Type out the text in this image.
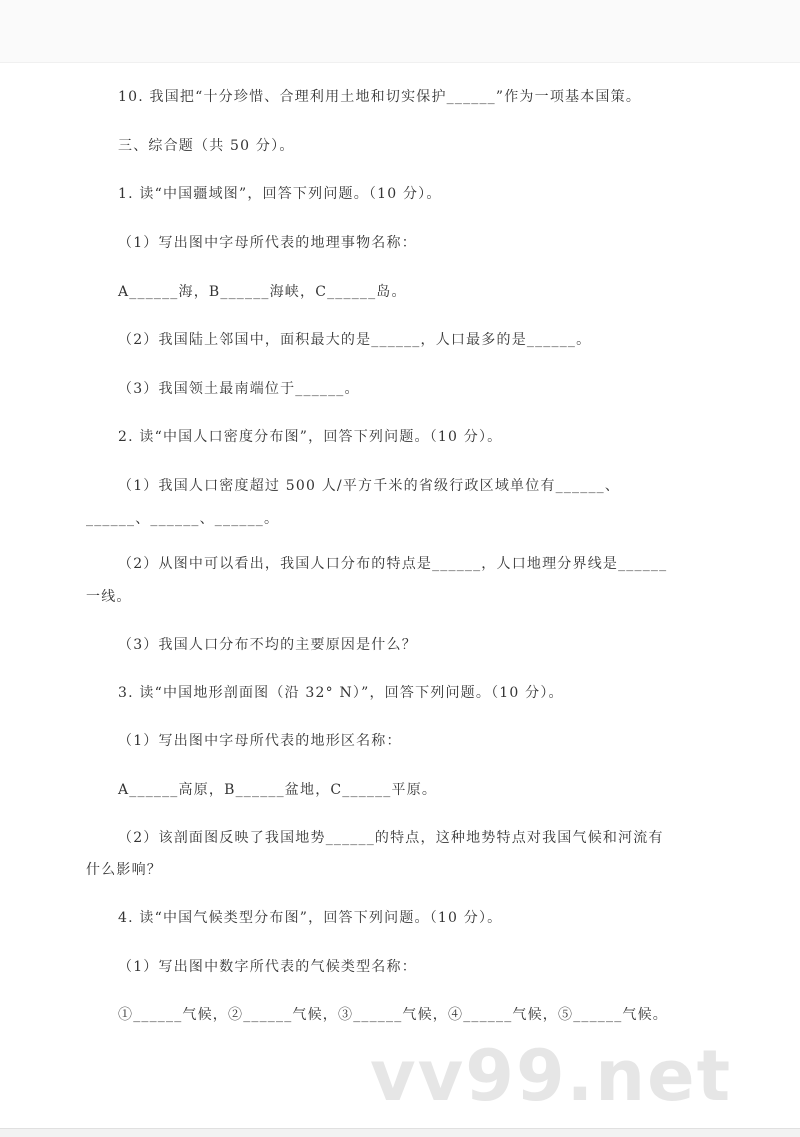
10. 我国把“十分珍惜、合理利用土地和切实保护______”作为一项基本国策。
三、综合题（共 50 分）。
1. 读“中国疆域图”，回答下列问题。（10 分）。
（1）写出图中字母所代表的地理事物名称：
A______海，B______海峡，C______岛。
（2）我国陆上邻国中，面积最大的是______，人口最多的是______。
（3）我国领土最南端位于______。
2. 读“中国人口密度分布图”，回答下列问题。（10 分）。
（1）我国人口密度超过 500 人/平方千米的省级行政区域单位有______、
______、______、______。
（2）从图中可以看出，我国人口分布的特点是______，人口地理分界线是______
一线。
（3）我国人口分布不均的主要原因是什么？
3. 读“中国地形剖面图（沿 32° N）”，回答下列问题。（10 分）。
（1）写出图中字母所代表的地形区名称：
A______高原，B______盆地，C______平原。
（2）该剖面图反映了我国地势______的特点，这种地势特点对我国气候和河流有
什么影响？
4. 读“中国气候类型分布图”，回答下列问题。（10 分）。
（1）写出图中数字所代表的气候类型名称：
①______气候，②______气候，③______气候，④______气候，⑤______气候。
vv99.net
